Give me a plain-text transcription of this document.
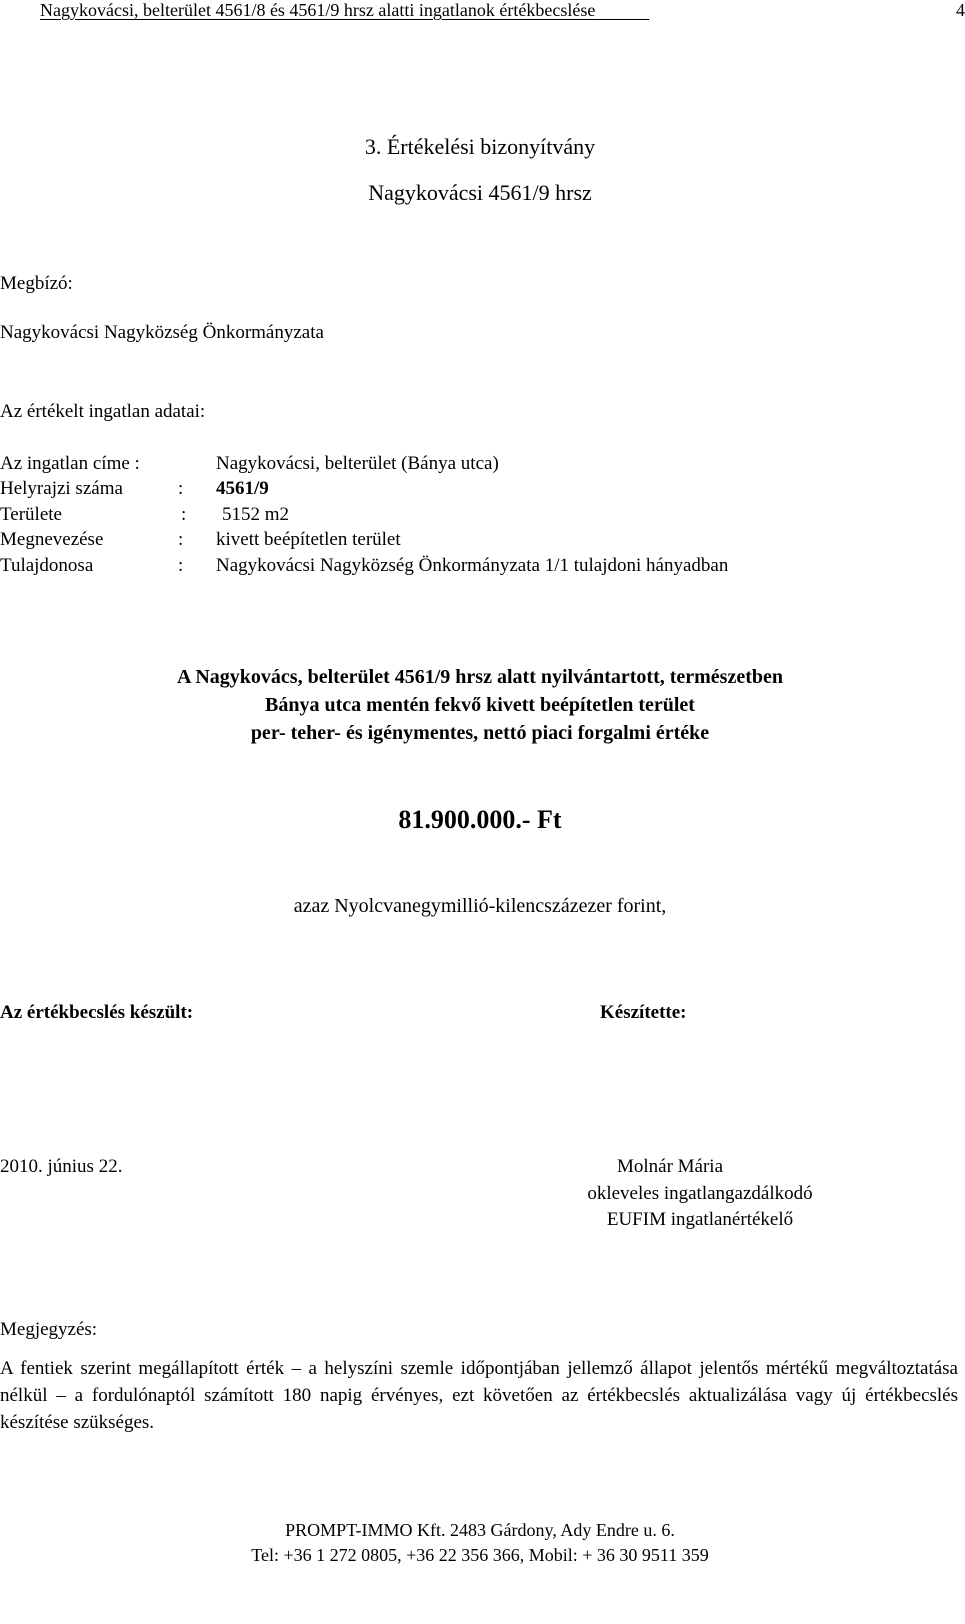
Nagykovácsi, belterület 4561/8 és 4561/9 hrsz alatti ingatlanok értékbecslése	4
3. Értékelési bizonyítvány
Nagykovácsi 4561/9 hrsz
Megbízó:
Nagykovácsi Nagyközség Önkormányzata
Az értékelt ingatlan adatai:
Az ingatlan címe :	Nagykovácsi, belterület (Bánya utca)
Helyrajzi száma	: 4561/9
Területe	: 5152 m2
Megnevezése	: kivett beépítetlen terület
Tulajdonosa	: Nagykovácsi Nagyközség Önkormányzata 1/1 tulajdoni hányadban
A Nagykovács, belterület 4561/9 hrsz alatt nyilvántartott, természetben
Bánya utca mentén fekvő kivett beépítetlen terület
per- teher- és igénymentes, nettó piaci forgalmi értéke
81.900.000.- Ft
azaz Nyolcvanegymillió-kilencszázezer forint,
Az értékbecslés készült:	Készítette:
2010. június 22.	Molnár Mária
okleveles ingatlangazdálkodó
EUFIM ingatlanértékelő
Megjegyzés:
A fentiek szerint megállapított érték – a helyszíni szemle időpontjában jellemző állapot jelentős mértékű megváltoztatása nélkül – a fordulónaptól számított 180 napig érvényes, ezt követően az értékbecslés aktualizálása vagy új értékbecslés készítése szükséges.
PROMPT-IMMO Kft. 2483 Gárdony, Ady Endre u. 6.
Tel: +36 1 272 0805, +36 22 356 366, Mobil: + 36 30 9511 359
